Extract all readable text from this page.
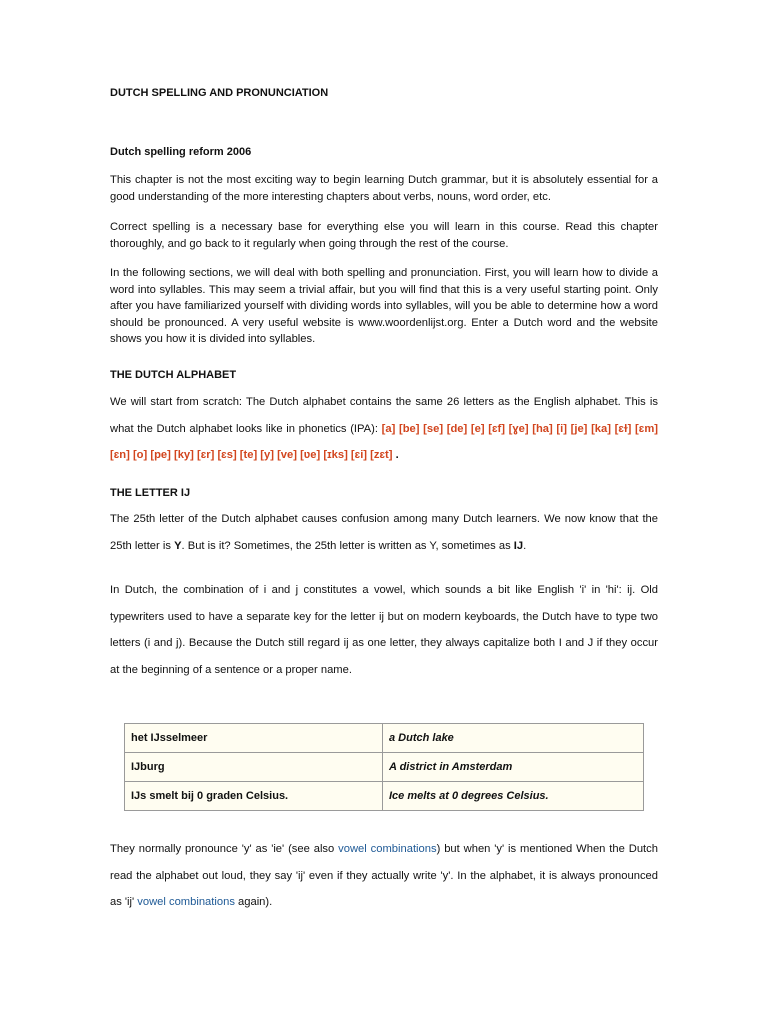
DUTCH SPELLING AND PRONUNCIATION
Dutch spelling reform 2006
This chapter is not the most exciting way to begin learning Dutch grammar, but it is absolutely essential for a good understanding of the more interesting chapters about verbs, nouns, word order, etc.
Correct spelling is a necessary base for everything else you will learn in this course. Read this chapter thoroughly, and go back to it regularly when going through the rest of the course.
In the following sections, we will deal with both spelling and pronunciation. First, you will learn how to divide a word into syllables. This may seem a trivial affair, but you will find that this is a very useful starting point. Only after you have familiarized yourself with dividing words into syllables, will you be able to determine how a word should be pronounced. A very useful website is www.woordenlijst.org. Enter a Dutch word and the website shows you how it is divided into syllables.
THE DUTCH ALPHABET
We will start from scratch: The Dutch alphabet contains the same 26 letters as the English alphabet. This is what the Dutch alphabet looks like in phonetics (IPA): [a] [be] [se] [de] [e] [ɛf] [ɣe] [ha] [i] [je] [ka] [ɛɫ] [ɛm] [ɛn] [o] [pe] [ky] [ɛr] [ɛs] [te] [y] [ve] [ʋe] [ɪks] [ɛi] [zɛt] .
THE LETTER IJ
The 25th letter of the Dutch alphabet causes confusion among many Dutch learners. We now know that the 25th letter is Y. But is it? Sometimes, the 25th letter is written as Y, sometimes as IJ.
In Dutch, the combination of i and j constitutes a vowel, which sounds a bit like English 'i' in 'hi': ij. Old typewriters used to have a separate key for the letter ij but on modern keyboards, the Dutch have to type two letters (i and j). Because the Dutch still regard ij as one letter, they always capitalize both I and J if they occur at the beginning of a sentence or a proper name.
het IJsselmeer	a Dutch lake
IJburg	A district in Amsterdam
IJs smelt bij 0 graden Celsius.	Ice melts at 0 degrees Celsius.
They normally pronounce 'y' as 'ie' (see also vowel combinations) but when 'y' is mentioned When the Dutch read the alphabet out loud, they say 'ij' even if they actually write 'y'. In the alphabet, it is always pronounced as 'ij' vowel combinations again).
